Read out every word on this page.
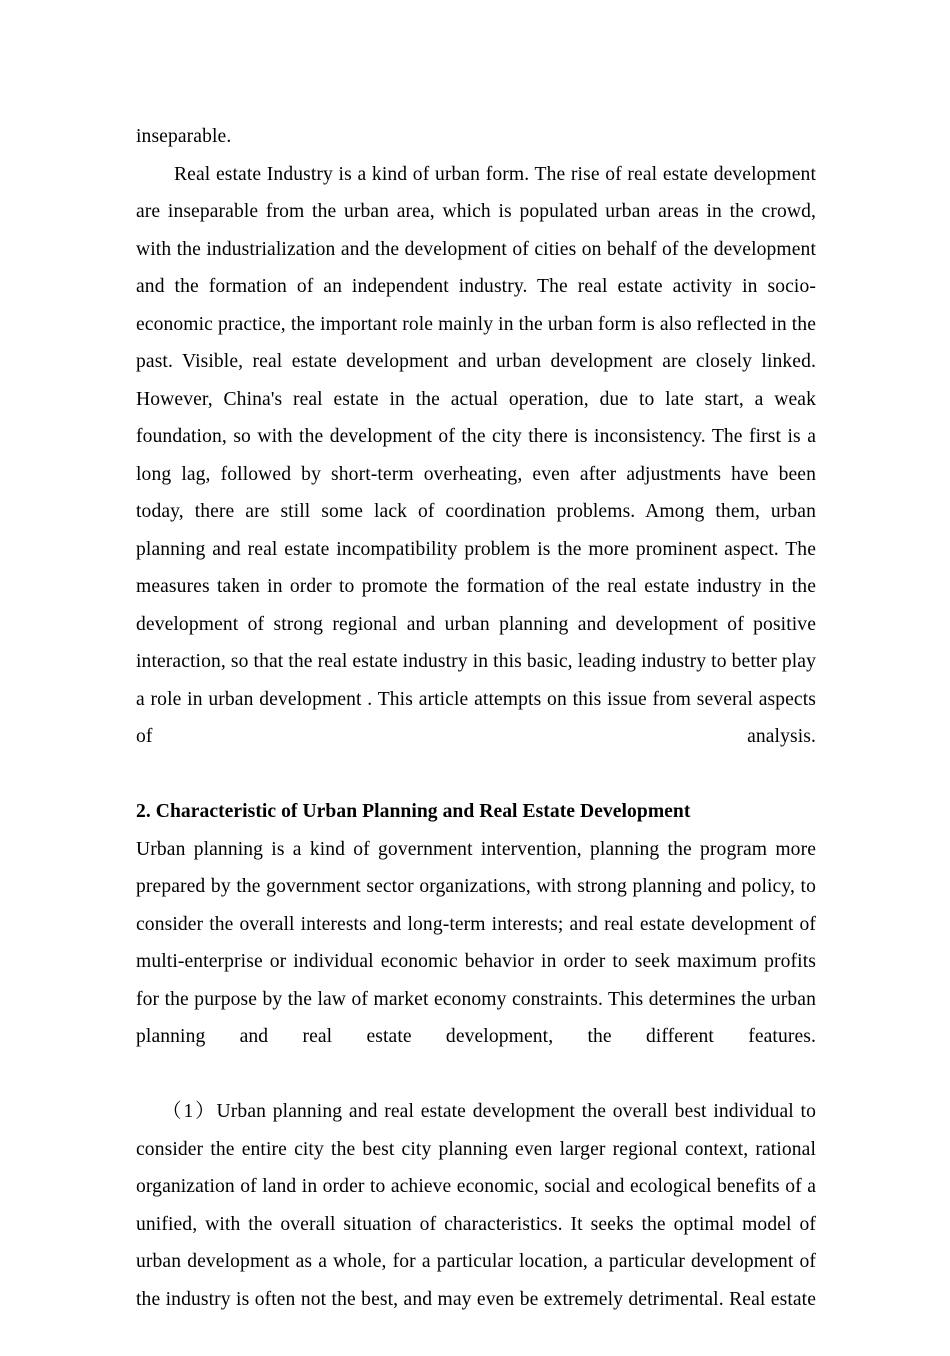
inseparable.

Real estate Industry is a kind of urban form. The rise of real estate development are inseparable from the urban area, which is populated urban areas in the crowd, with the industrialization and the development of cities on behalf of the development and the formation of an independent industry. The real estate activity in socio-economic practice, the important role mainly in the urban form is also reflected in the past. Visible, real estate development and urban development are closely linked. However, China's real estate in the actual operation, due to late start, a weak foundation, so with the development of the city there is inconsistency. The first is a long lag, followed by short-term overheating, even after adjustments have been today, there are still some lack of coordination problems. Among them, urban planning and real estate incompatibility problem is the more prominent aspect. The measures taken in order to promote the formation of the real estate industry in the development of strong regional and urban planning and development of positive interaction, so that the real estate industry in this basic, leading industry to better play a role in urban development . This article attempts on this issue from several aspects of analysis.

2. Characteristic of Urban Planning and Real Estate Development

Urban planning is a kind of government intervention, planning the program more prepared by the government sector organizations, with strong planning and policy, to consider the overall interests and long-term interests; and real estate development of multi-enterprise or individual economic behavior in order to seek maximum profits for the purpose by the law of market economy constraints. This determines the urban planning and real estate development, the different features.

（1）Urban planning and real estate development the overall best individual to consider the entire city the best city planning even larger regional context, rational organization of land in order to achieve economic, social and ecological benefits of a unified, with the overall situation of characteristics. It seeks the optimal model of urban development as a whole, for a particular location, a particular development of the industry is often not the best, and may even be extremely detrimental. Real estate
